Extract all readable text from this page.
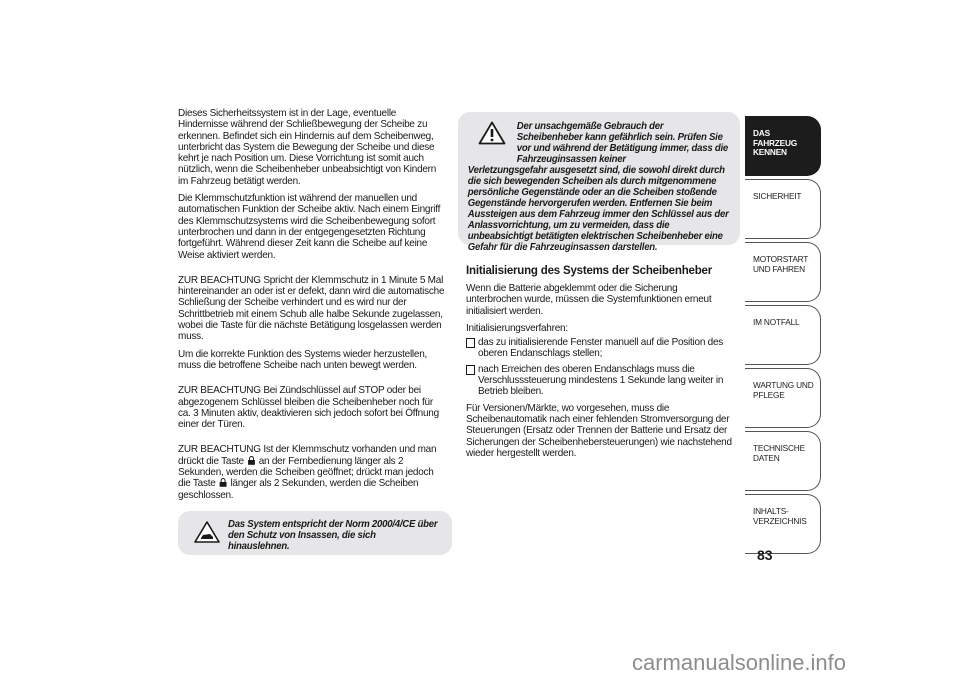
Dieses Sicherheitssystem ist in der Lage, eventuelle Hindernisse während der Schließbewegung der Scheibe zu erkennen. Befindet sich ein Hindernis auf dem Scheibenweg, unterbricht das System die Bewegung der Scheibe und diese kehrt je nach Position um. Diese Vorrichtung ist somit auch nützlich, wenn die Scheibenheber unbeabsichtigt von Kindern im Fahrzeug betätigt werden.

Die Klemmschutzfunktion ist während der manuellen und automatischen Funktion der Scheibe aktiv. Nach einem Eingriff des Klemmschutzsystems wird die Scheibenbewegung sofort unterbrochen und dann in der entgegengesetzten Richtung fortgeführt. Während dieser Zeit kann die Scheibe auf keine Weise aktiviert werden.

ZUR BEACHTUNG Spricht der Klemmschutz in 1 Minute 5 Mal hintereinander an oder ist er defekt, dann wird die automatische Schließung der Scheibe verhindert und es wird nur der Schrittbetrieb mit einem Schub alle halbe Sekunde zugelassen, wobei die Taste für die nächste Betätigung losgelassen werden muss.

Um die korrekte Funktion des Systems wieder herzustellen, muss die betroffene Scheibe nach unten bewegt werden.

ZUR BEACHTUNG Bei Zündschlüssel auf STOP oder bei abgezogenem Schlüssel bleiben die Scheibenheber noch für ca. 3 Minuten aktiv, deaktivieren sich jedoch sofort bei Öffnung einer der Türen.

ZUR BEACHTUNG Ist der Klemmschutz vorhanden und man drückt die Taste an der Fernbedienung länger als 2 Sekunden, werden die Scheiben geöffnet; drückt man jedoch die Taste länger als 2 Sekunden, werden die Scheiben geschlossen.

Das System entspricht der Norm 2000/4/CE über den Schutz von Insassen, die sich hinauslehnen.

Der unsachgemäße Gebrauch der Scheibenheber kann gefährlich sein. Prüfen Sie vor und während der Betätigung immer, dass die Fahrzeuginsassen keiner
Verletzungsgefahr ausgesetzt sind, die sowohl direkt durch die sich bewegenden Scheiben als durch mitgenommene persönliche Gegenstände oder an die Scheiben stoßende Gegenstände hervorgerufen werden. Entfernen Sie beim Aussteigen aus dem Fahrzeug immer den Schlüssel aus der Anlassvorrichtung, um zu vermeiden, dass die unbeabsichtigt betätigten elektrischen Scheibenheber eine Gefahr für die Fahrzeuginsassen darstellen.

Initialisierung des Systems der Scheibenheber

Wenn die Batterie abgeklemmt oder die Sicherung unterbrochen wurde, müssen die Systemfunktionen erneut initialisiert werden.

Initialisierungsverfahren:

das zu initialisierende Fenster manuell auf die Position des oberen Endanschlags stellen;

nach Erreichen des oberen Endanschlags muss die Verschlusssteuerung mindestens 1 Sekunde lang weiter in Betrieb bleiben.

Für Versionen/Märkte, wo vorgesehen, muss die Scheibenautomatik nach einer fehlenden Stromversorgung der Steuerungen (Ersatz oder Trennen der Batterie und Ersatz der Sicherungen der Scheibenhebersteuerungen) wie nachstehend wieder hergestellt werden.

DAS FAHRZEUG KENNEN
SICHERHEIT
MOTORSTART UND FAHREN
IM NOTFALL
WARTUNG UND PFLEGE
TECHNISCHE DATEN
INHALTS- VERZEICHNIS
83
carmanualsonline.info
